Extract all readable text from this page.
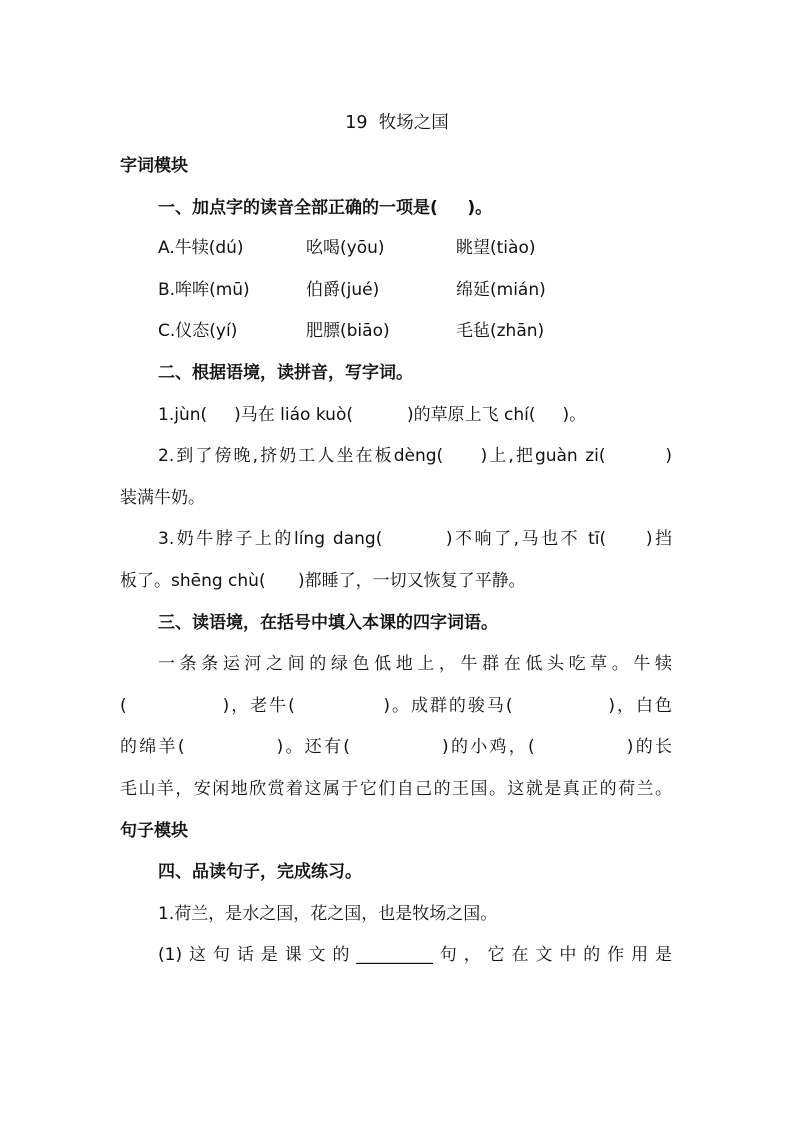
19  牧场之国
字词模块
一、加点字的读音全部正确的一项是(     )。
A.牛犊(dú)	吆喝(yōu)	眺望(tiào)
B.哞哞(mū)	伯爵(jué)	绵延(mián)
C.仪态(yí)	肥膘(biāo)	毛毡(zhān)
二、根据语境，读拼音，写字词。
1.jùn(     )马在 liáo kuò(          )的草原上飞 chí(     )。
2.到了傍晚,挤奶工人坐在板dèng(     )上,把guàn zi(        )
装满牛奶。
3.奶牛脖子上的líng dang(        )不响了,马也不 tī(     )挡
板了。shēng chù(      )都睡了，一切又恢复了平静。
三、读语境，在括号中填入本课的四字词语。
一条条运河之间的绿色低地上，牛群在低头吃草。牛犊
(             )，老牛(            )。成群的骏马(             )，白色
的绵羊(            )。还有(            )的小鸡，(            )的长
毛山羊，安闲地欣赏着这属于它们自己的王国。这就是真正的荷兰。
句子模块
四、品读句子，完成练习。
1.荷兰，是水之国，花之国，也是牧场之国。
(1)这句话是课文的_________句，它在文中的作用是
